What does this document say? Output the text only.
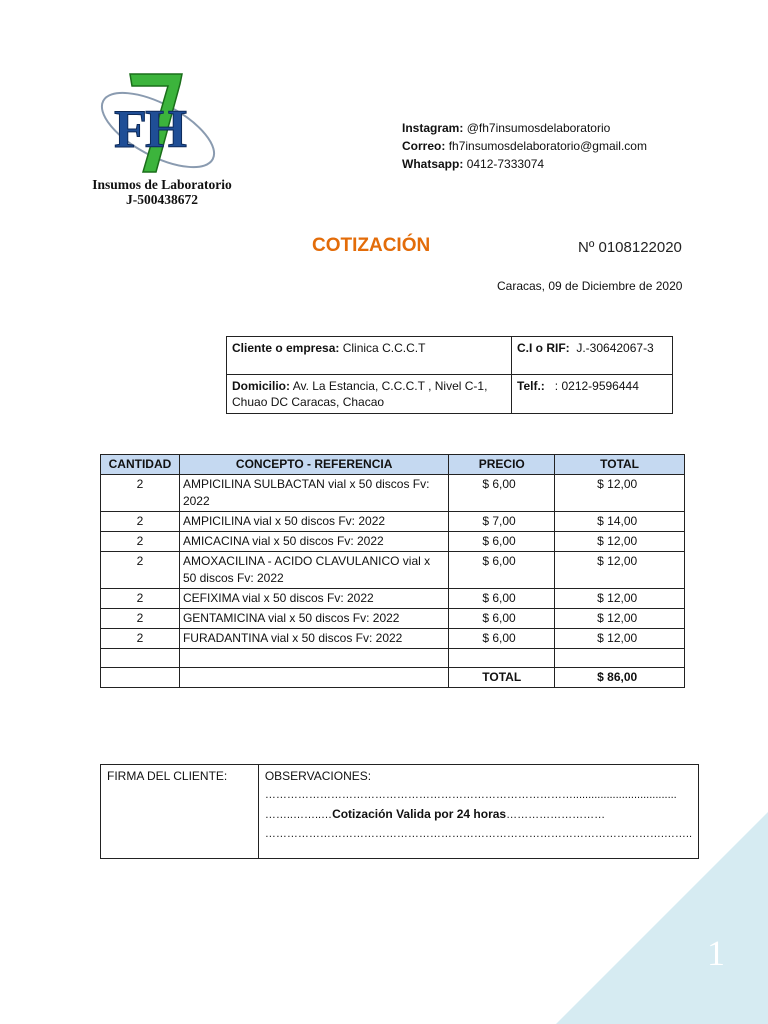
FH
Insumos de Laboratorio
J-500438672
Instagram: @fh7insumosdelaboratorio
Correo: fh7insumosdelaboratorio@gmail.com
Whatsapp: 0412-7333074
COTIZACIÓN	Nº 0108122020
Caracas, 09 de Diciembre de 2020
Cliente o empresa: Clinica C.C.C.T	C.I o RIF: J.-30642067-3
Domicilio: Av. La Estancia, C.C.C.T , Nivel C-1, Chuao DC Caracas, Chacao	Telf.: : 0212-9596444
CANTIDAD	CONCEPTO - REFERENCIA	PRECIO	TOTAL
2	AMPICILINA SULBACTAN vial x 50 discos Fv: 2022	$ 6,00	$ 12,00
2	AMPICILINA vial x 50 discos Fv: 2022	$ 7,00	$ 14,00
2	AMICACINA vial x 50 discos Fv: 2022	$ 6,00	$ 12,00
2	AMOXACILINA - ACIDO CLAVULANICO vial x 50 discos Fv: 2022	$ 6,00	$ 12,00
2	CEFIXIMA vial x 50 discos Fv: 2022	$ 6,00	$ 12,00
2	GENTAMICINA vial x 50 discos Fv: 2022	$ 6,00	$ 12,00
2	FURADANTINA vial x 50 discos Fv: 2022	$ 6,00	$ 12,00

		TOTAL	$ 86,00
FIRMA DEL CLIENTE:	OBSERVACIONES:
…………………………………………………………………………..................................
……..……..…Cotización Valida por 24 horas………………………
……………………………………………………………………………………………….……..
1
